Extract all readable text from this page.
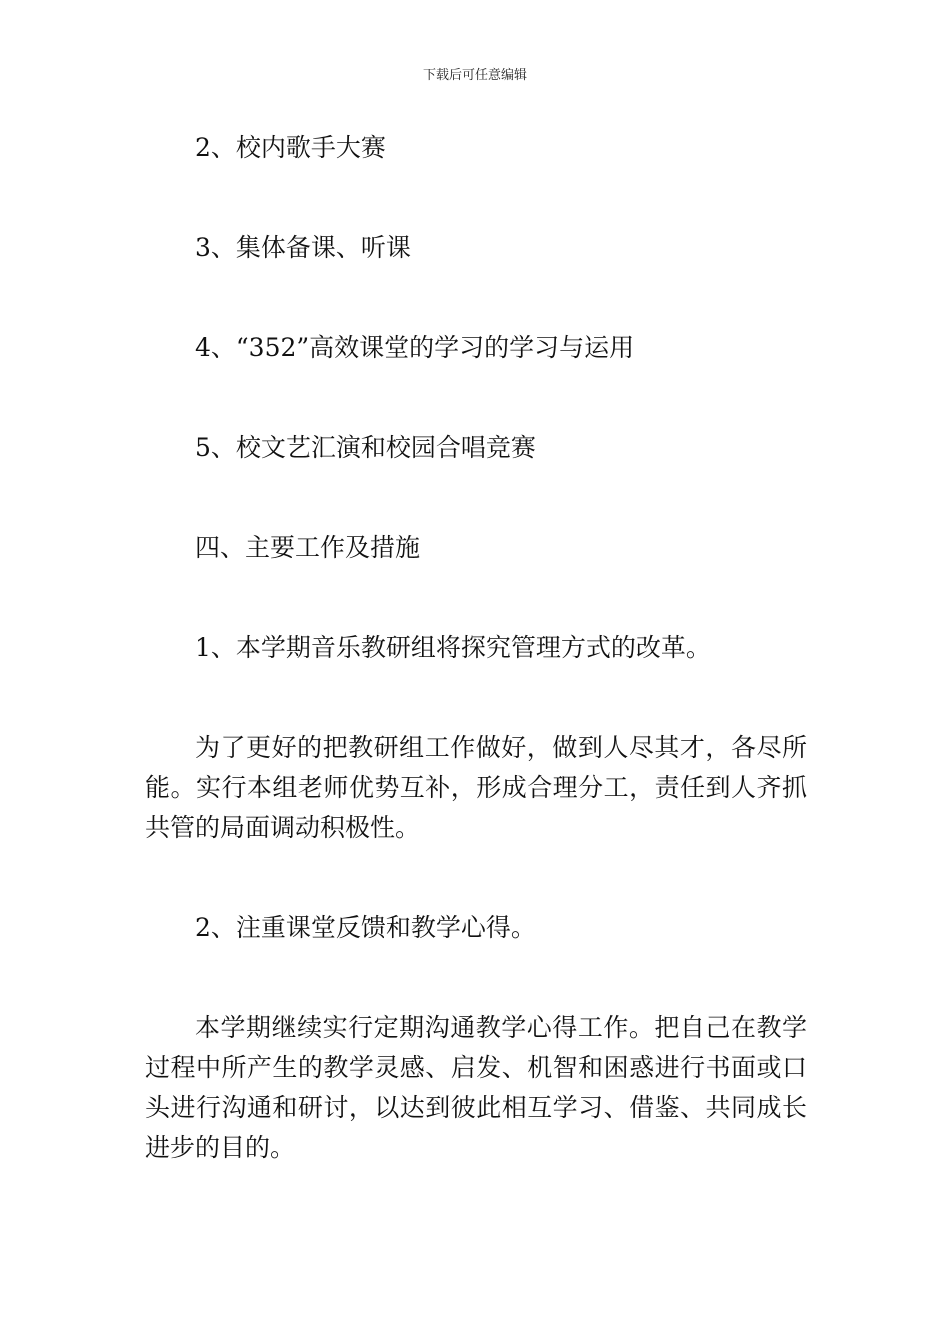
下载后可任意编辑

2、校内歌手大赛

3、集体备课、听课

4、“352”高效课堂的学习的学习与运用

5、校文艺汇演和校园合唱竞赛

四、主要工作及措施

1、本学期音乐教研组将探究管理方式的改革。

为了更好的把教研组工作做好，做到人尽其才，各尽所能。实行本组老师优势互补，形成合理分工，责任到人齐抓共管的局面调动积极性。

2、注重课堂反馈和教学心得。

本学期继续实行定期沟通教学心得工作。把自己在教学过程中所产生的教学灵感、启发、机智和困惑进行书面或口头进行沟通和研讨，以达到彼此相互学习、借鉴、共同成长进步的目的。
